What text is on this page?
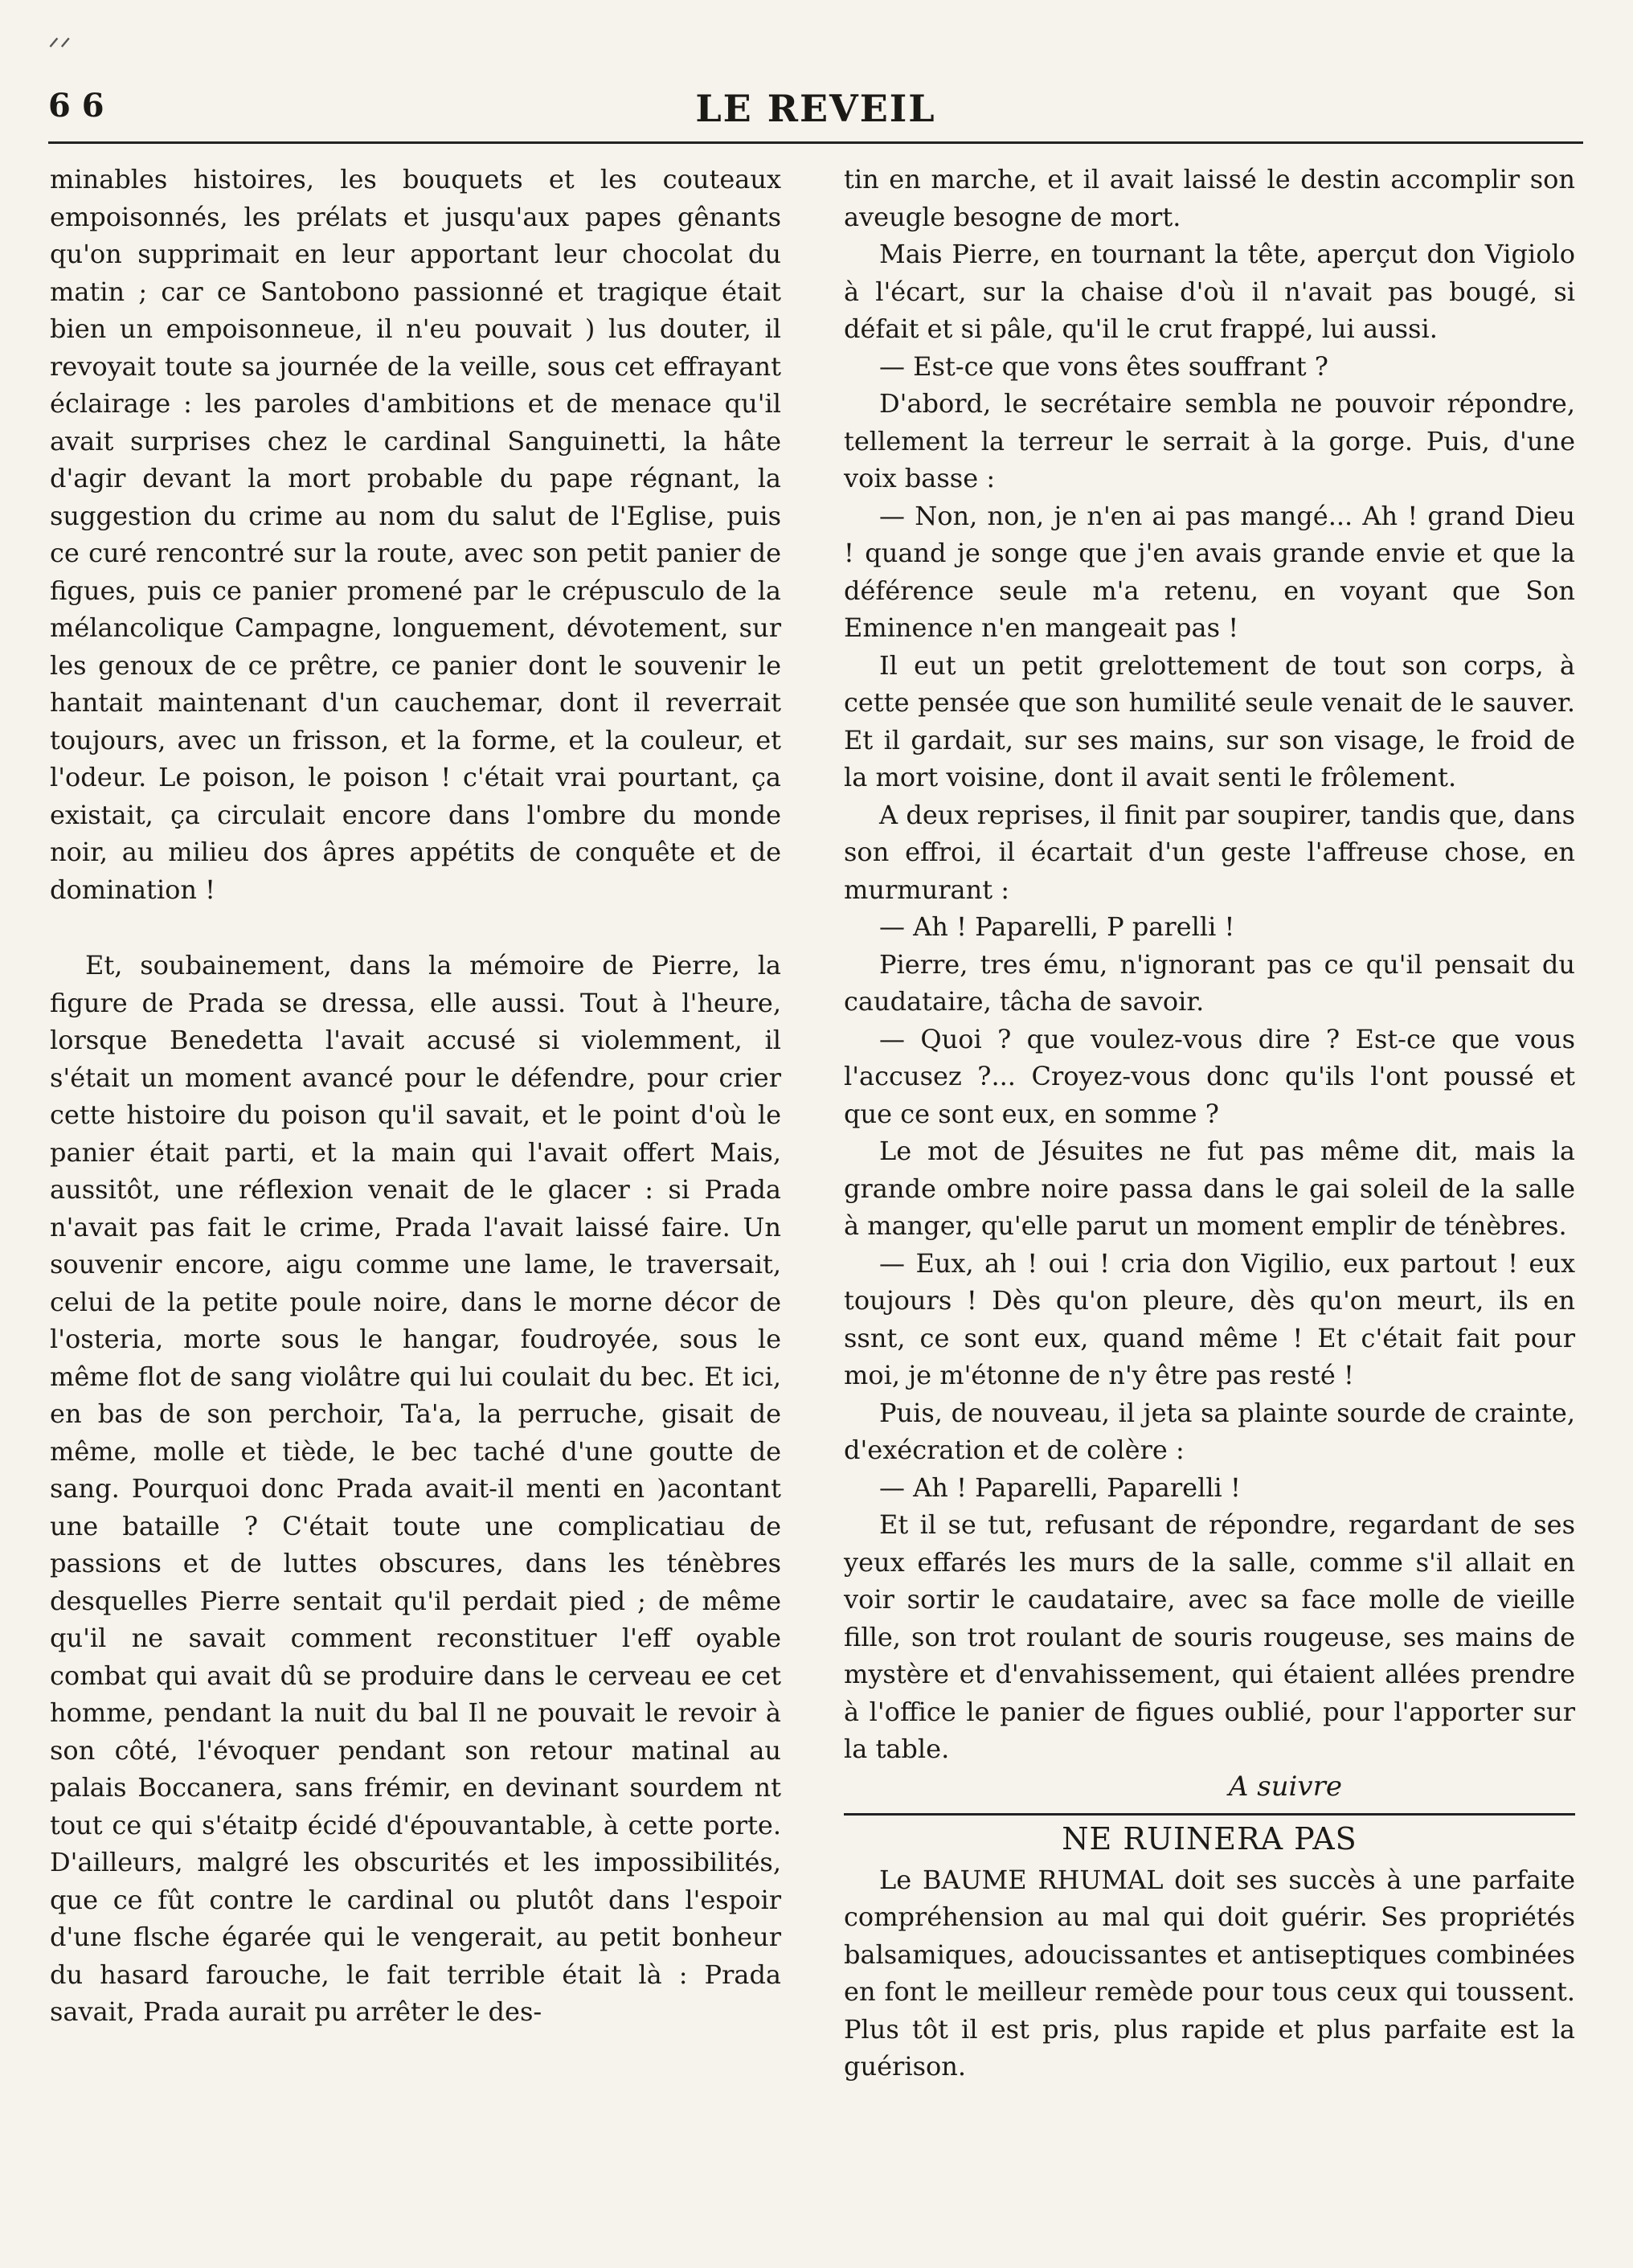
ᐟᐟ
6 6	LE REVEIL

minables histoires, les bouquets et les couteaux empoisonnés, les prélats et jusqu'aux papes gênants qu'on supprimait en leur apportant leur chocolat du matin ; car ce Santobono passionné et tragique était bien un empoisonneue, il n'eu pouvait ) lus douter, il revoyait toute sa journée de la veille, sous cet effrayant éclairage : les paroles d'ambitions et de menace qu'il avait surprises chez le cardinal Sanguinetti, la hâte d'agir devant la mort probable du pape régnant, la suggestion du crime au nom du salut de l'Eglise, puis ce curé rencontré sur la route, avec son petit panier de figues, puis ce panier promené par le crépusculo de la mélancolique Campagne, longuement, dévotement, sur les genoux de ce prêtre, ce panier dont le souvenir le hantait maintenant d'un cauchemar, dont il reverrait toujours, avec un frisson, et la forme, et la couleur, et l'odeur. Le poison, le poison ! c'était vrai pourtant, ça existait, ça circulait encore dans l'ombre du monde noir, au milieu dos âpres appétits de conquête et de domination !

Et, soubainement, dans la mémoire de Pierre, la figure de Prada se dressa, elle aussi. Tout à l'heure, lorsque Benedetta l'avait accusé si violemment, il s'était un moment avancé pour le défendre, pour crier cette histoire du poison qu'il savait, et le point d'où le panier était parti, et la main qui l'avait offert Mais, aussitôt, une réflexion venait de le glacer : si Prada n'avait pas fait le crime, Prada l'avait laissé faire. Un souvenir encore, aigu comme une lame, le traversait, celui de la petite poule noire, dans le morne décor de l'osteria, morte sous le hangar, foudroyée, sous le même flot de sang violâtre qui lui coulait du bec. Et ici, en bas de son perchoir, Ta'a, la perruche, gisait de même, molle et tiède, le bec taché d'une goutte de sang. Pourquoi donc Prada avait-il menti en )acontant une bataille ? C'était toute une complicatiau de passions et de luttes obscures, dans les ténèbres desquelles Pierre sentait qu'il perdait pied ; de même qu'il ne savait comment reconstituer l'eff oyable combat qui avait dû se produire dans le cerveau ee cet homme, pendant la nuit du bal Il ne pouvait le revoir à son côté, l'évoquer pendant son retour matinal au palais Boccanera, sans frémir, en devinant sourdem nt tout ce qui s'étaitp écidé d'épouvantable, à cette porte. D'ailleurs, malgré les obscurités et les impossibilités, que ce fût contre le cardinal ou plutôt dans l'espoir d'une flsche égarée qui le vengerait, au petit bonheur du hasard farouche, le fait terrible était là : Prada savait, Prada aurait pu arrêter le des-

tin en marche, et il avait laissé le destin accomplir son aveugle besogne de mort.

Mais Pierre, en tournant la tête, aperçut don Vigiolo à l'écart, sur la chaise d'où il n'avait pas bougé, si défait et si pâle, qu'il le crut frappé, lui aussi.

— Est-ce que vons êtes souffrant ?

D'abord, le secrétaire sembla ne pouvoir répondre, tellement la terreur le serrait à la gorge. Puis, d'une voix basse :

— Non, non, je n'en ai pas mangé... Ah ! grand Dieu ! quand je songe que j'en avais grande envie et que la déférence seule m'a retenu, en voyant que Son Eminence n'en mangeait pas !

Il eut un petit grelottement de tout son corps, à cette pensée que son humilité seule venait de le sauver. Et il gardait, sur ses mains, sur son visage, le froid de la mort voisine, dont il avait senti le frôlement.

A deux reprises, il finit par soupirer, tandis que, dans son effroi, il écartait d'un geste l'affreuse chose, en murmurant :

— Ah ! Paparelli, P parelli !

Pierre, tres ému, n'ignorant pas ce qu'il pensait du caudataire, tâcha de savoir.

— Quoi ? que voulez-vous dire ? Est-ce que vous l'accusez ?... Croyez-vous donc qu'ils l'ont poussé et que ce sont eux, en somme ?

Le mot de Jésuites ne fut pas même dit, mais la grande ombre noire passa dans le gai soleil de la salle à manger, qu'elle parut un moment emplir de ténèbres.

— Eux, ah ! oui ! cria don Vigilio, eux partout ! eux toujours ! Dès qu'on pleure, dès qu'on meurt, ils en ssnt, ce sont eux, quand même ! Et c'était fait pour moi, je m'étonne de n'y être pas resté !

Puis, de nouveau, il jeta sa plainte sourde de crainte, d'exécration et de colère :

— Ah ! Paparelli, Paparelli !

Et il se tut, refusant de répondre, regardant de ses yeux effarés les murs de la salle, comme s'il allait en voir sortir le caudataire, avec sa face molle de vieille fille, son trot roulant de souris rougeuse, ses mains de mystère et d'envahissement, qui étaient allées prendre à l'office le panier de figues oublié, pour l'apporter sur la table.

A suivre
NE RUINERA PAS

Le BAUME RHUMAL doit ses succès à une parfaite compréhension au mal qui doit guérir. Ses propriétés balsamiques, adoucissantes et antiseptiques combinées en font le meilleur remède pour tous ceux qui toussent. Plus tôt il est pris, plus rapide et plus parfaite est la guérison.
